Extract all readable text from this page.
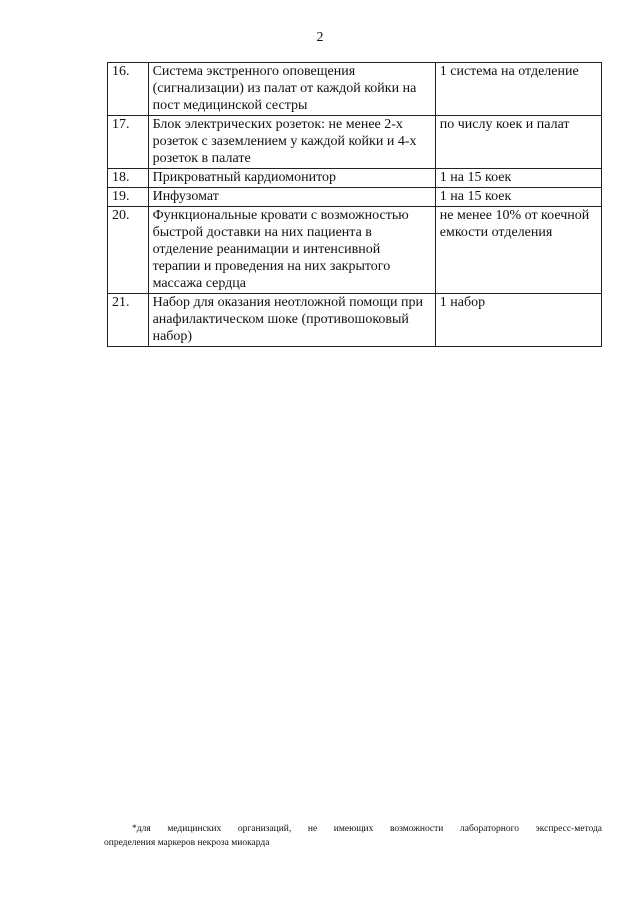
2
16.	Система экстренного оповещения (сигнализации) из палат от каждой койки на пост медицинской сестры	1 система на отделение
17.	Блок электрических розеток: не менее 2-х розеток с заземлением у каждой койки и 4-х розеток в палате	по числу коек и палат
18.	Прикроватный кардиомонитор	1 на 15 коек
19.	Инфузомат	1 на 15 коек
20.	Функциональные кровати с возможностью быстрой доставки на них пациента в отделение реанимации и интенсивной терапии и проведения на них закрытого массажа сердца	не менее 10% от коечной емкости отделения
21.	Набор для оказания неотложной помощи при анафилактическом шоке (противошоковый набор)	1 набор
*для медицинских организаций, не имеющих возможности лабораторного экспресс-метода
определения маркеров некроза миокарда
